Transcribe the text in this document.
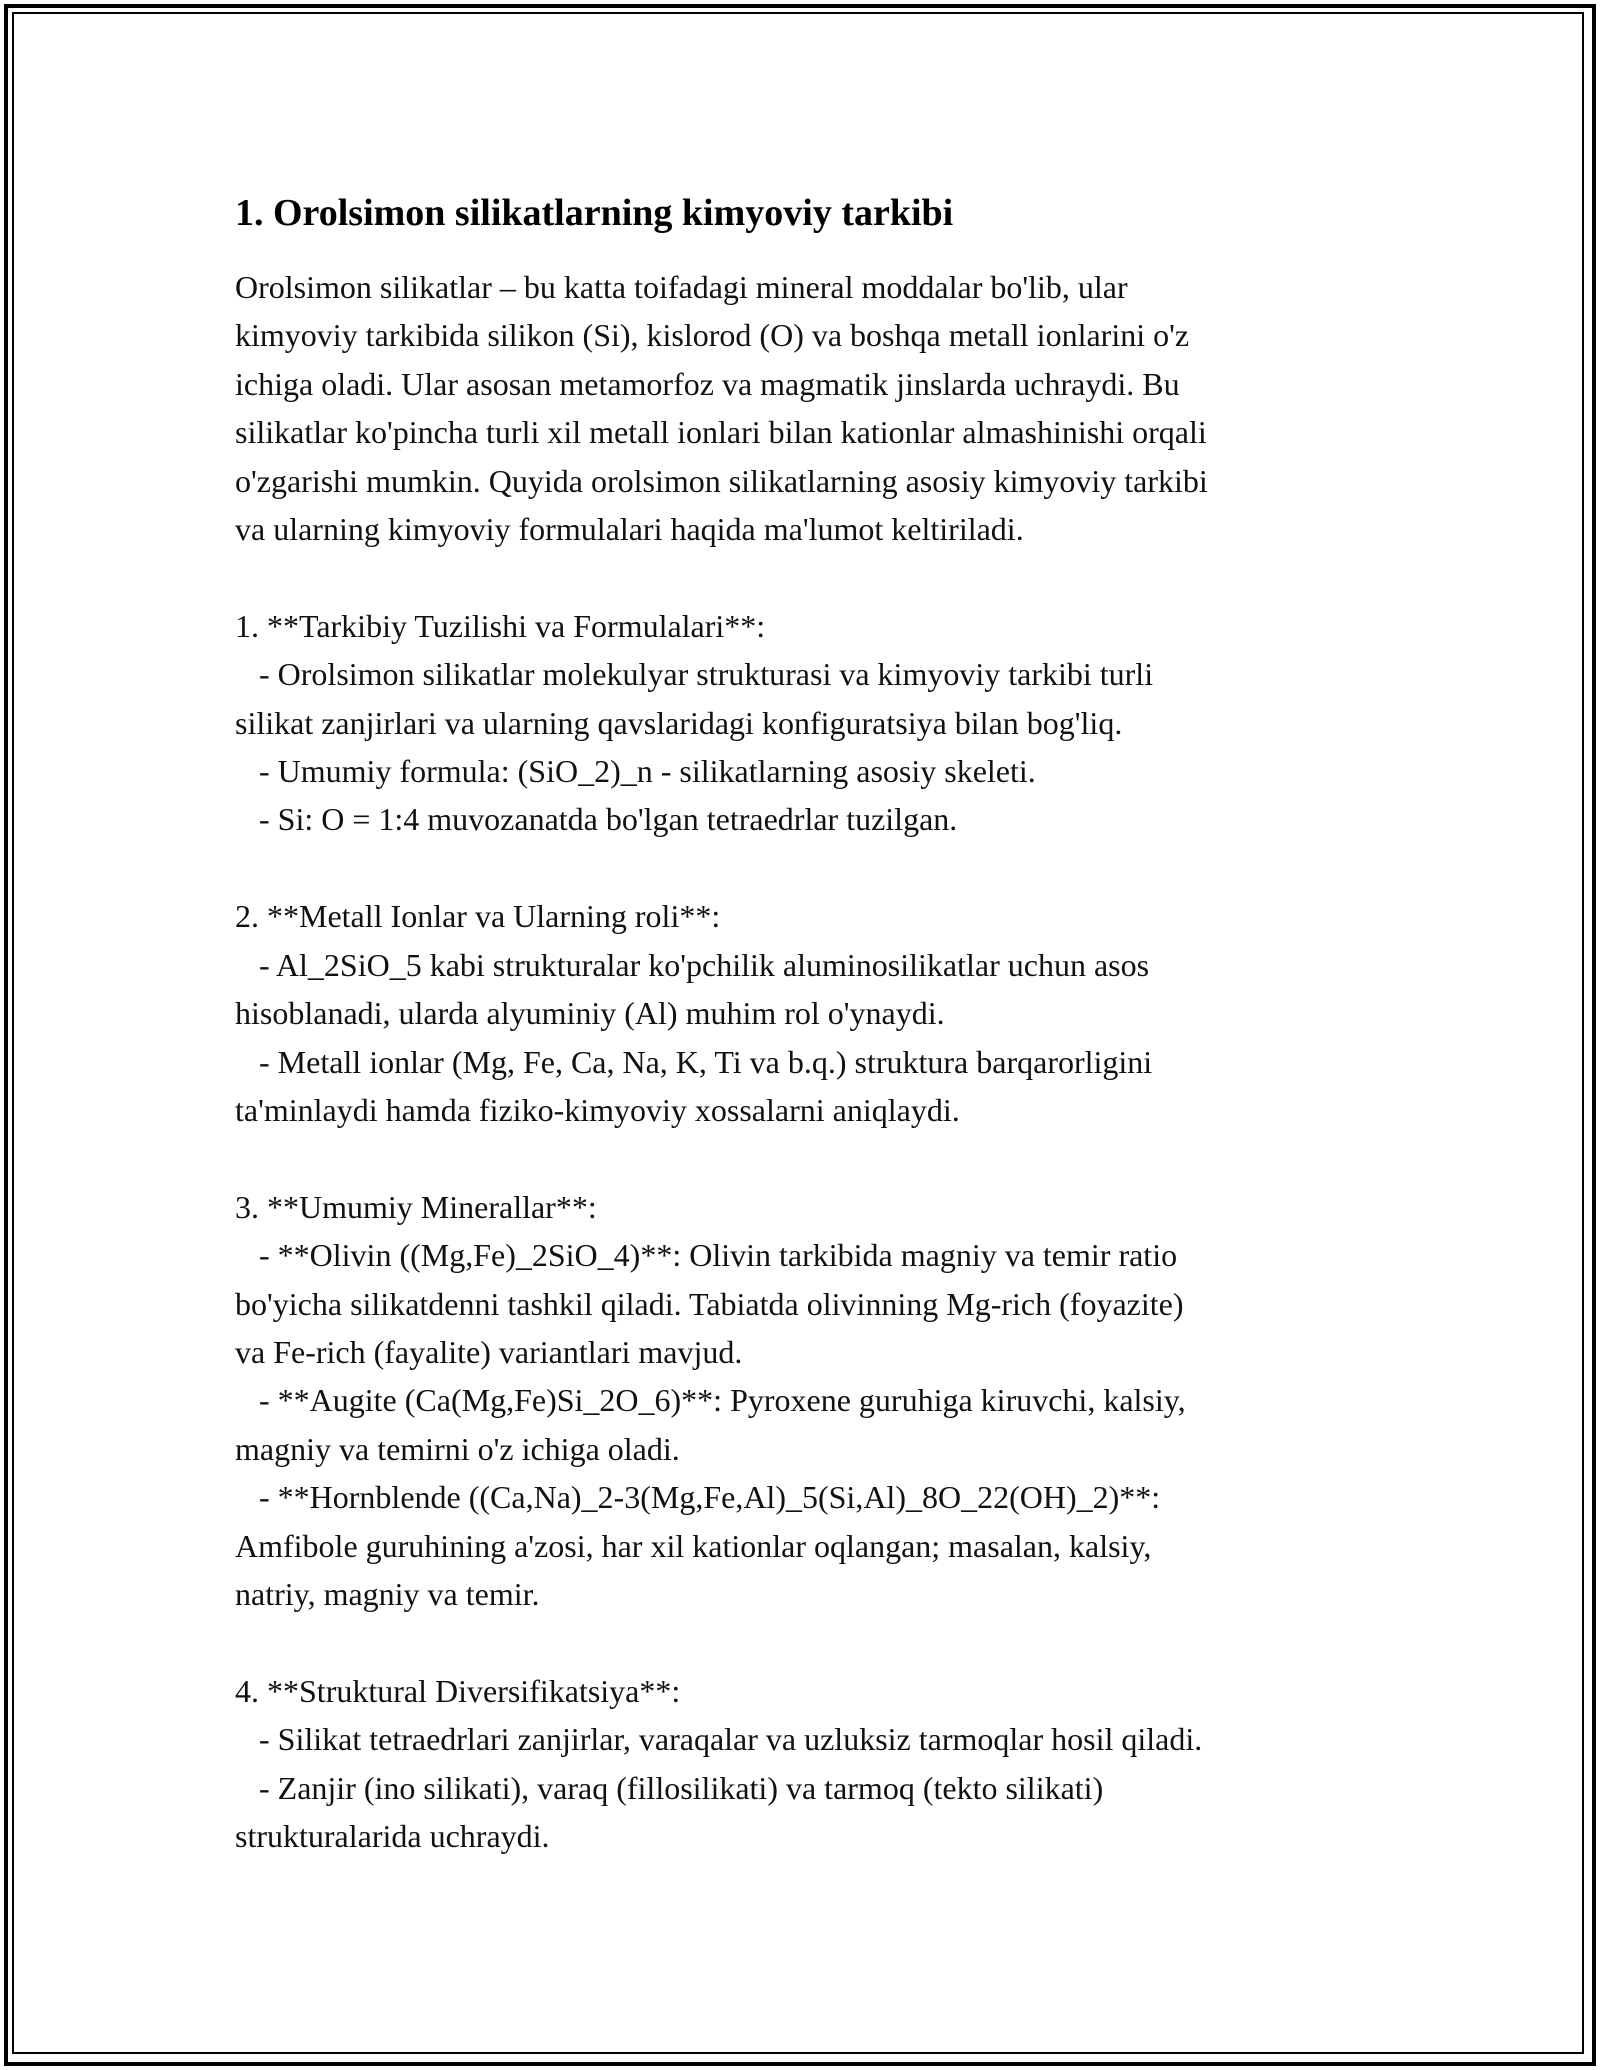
1. Orolsimon silikatlarning kimyoviy tarkibi

Orolsimon silikatlar – bu katta toifadagi mineral moddalar bo'lib, ular
kimyoviy tarkibida silikon (Si), kislorod (O) va boshqa metall ionlarini o'z
ichiga oladi. Ular asosan metamorfoz va magmatik jinslarda uchraydi. Bu
silikatlar ko'pincha turli xil metall ionlari bilan kationlar almashinishi orqali
o'zgarishi mumkin. Quyida orolsimon silikatlarning asosiy kimyoviy tarkibi
va ularning kimyoviy formulalari haqida ma'lumot keltiriladi.

1. **Tarkibiy Tuzilishi va Formulalari**:
- Orolsimon silikatlar molekulyar strukturasi va kimyoviy tarkibi turli
silikat zanjirlari va ularning qavslaridagi konfiguratsiya bilan bog'liq.
- Umumiy formula: (SiO_2)_n - silikatlarning asosiy skeleti.
- Si: O = 1:4 muvozanatda bo'lgan tetraedrlar tuzilgan.

2. **Metall Ionlar va Ularning roli**:
- Al_2SiO_5 kabi strukturalar ko'pchilik aluminosilikatlar uchun asos
hisoblanadi, ularda alyuminiy (Al) muhim rol o'ynaydi.
- Metall ionlar (Mg, Fe, Ca, Na, K, Ti va b.q.) struktura barqarorligini
ta'minlaydi hamda fiziko-kimyoviy xossalarni aniqlaydi.

3. **Umumiy Minerallar**:
- **Olivin ((Mg,Fe)_2SiO_4)**: Olivin tarkibida magniy va temir ratio
bo'yicha silikatdenni tashkil qiladi. Tabiatda olivinning Mg-rich (foyazite)
va Fe-rich (fayalite) variantlari mavjud.
- **Augite (Ca(Mg,Fe)Si_2O_6)**: Pyroxene guruhiga kiruvchi, kalsiy,
magniy va temirni o'z ichiga oladi.
- **Hornblende ((Ca,Na)_2-3(Mg,Fe,Al)_5(Si,Al)_8O_22(OH)_2)**:
Amfibole guruhining a'zosi, har xil kationlar oqlangan; masalan, kalsiy,
natriy, magniy va temir.

4. **Struktural Diversifikatsiya**:
- Silikat tetraedrlari zanjirlar, varaqalar va uzluksiz tarmoqlar hosil qiladi.
- Zanjir (ino silikati), varaq (fillosilikati) va tarmoq (tekto silikati)
strukturalarida uchraydi.
